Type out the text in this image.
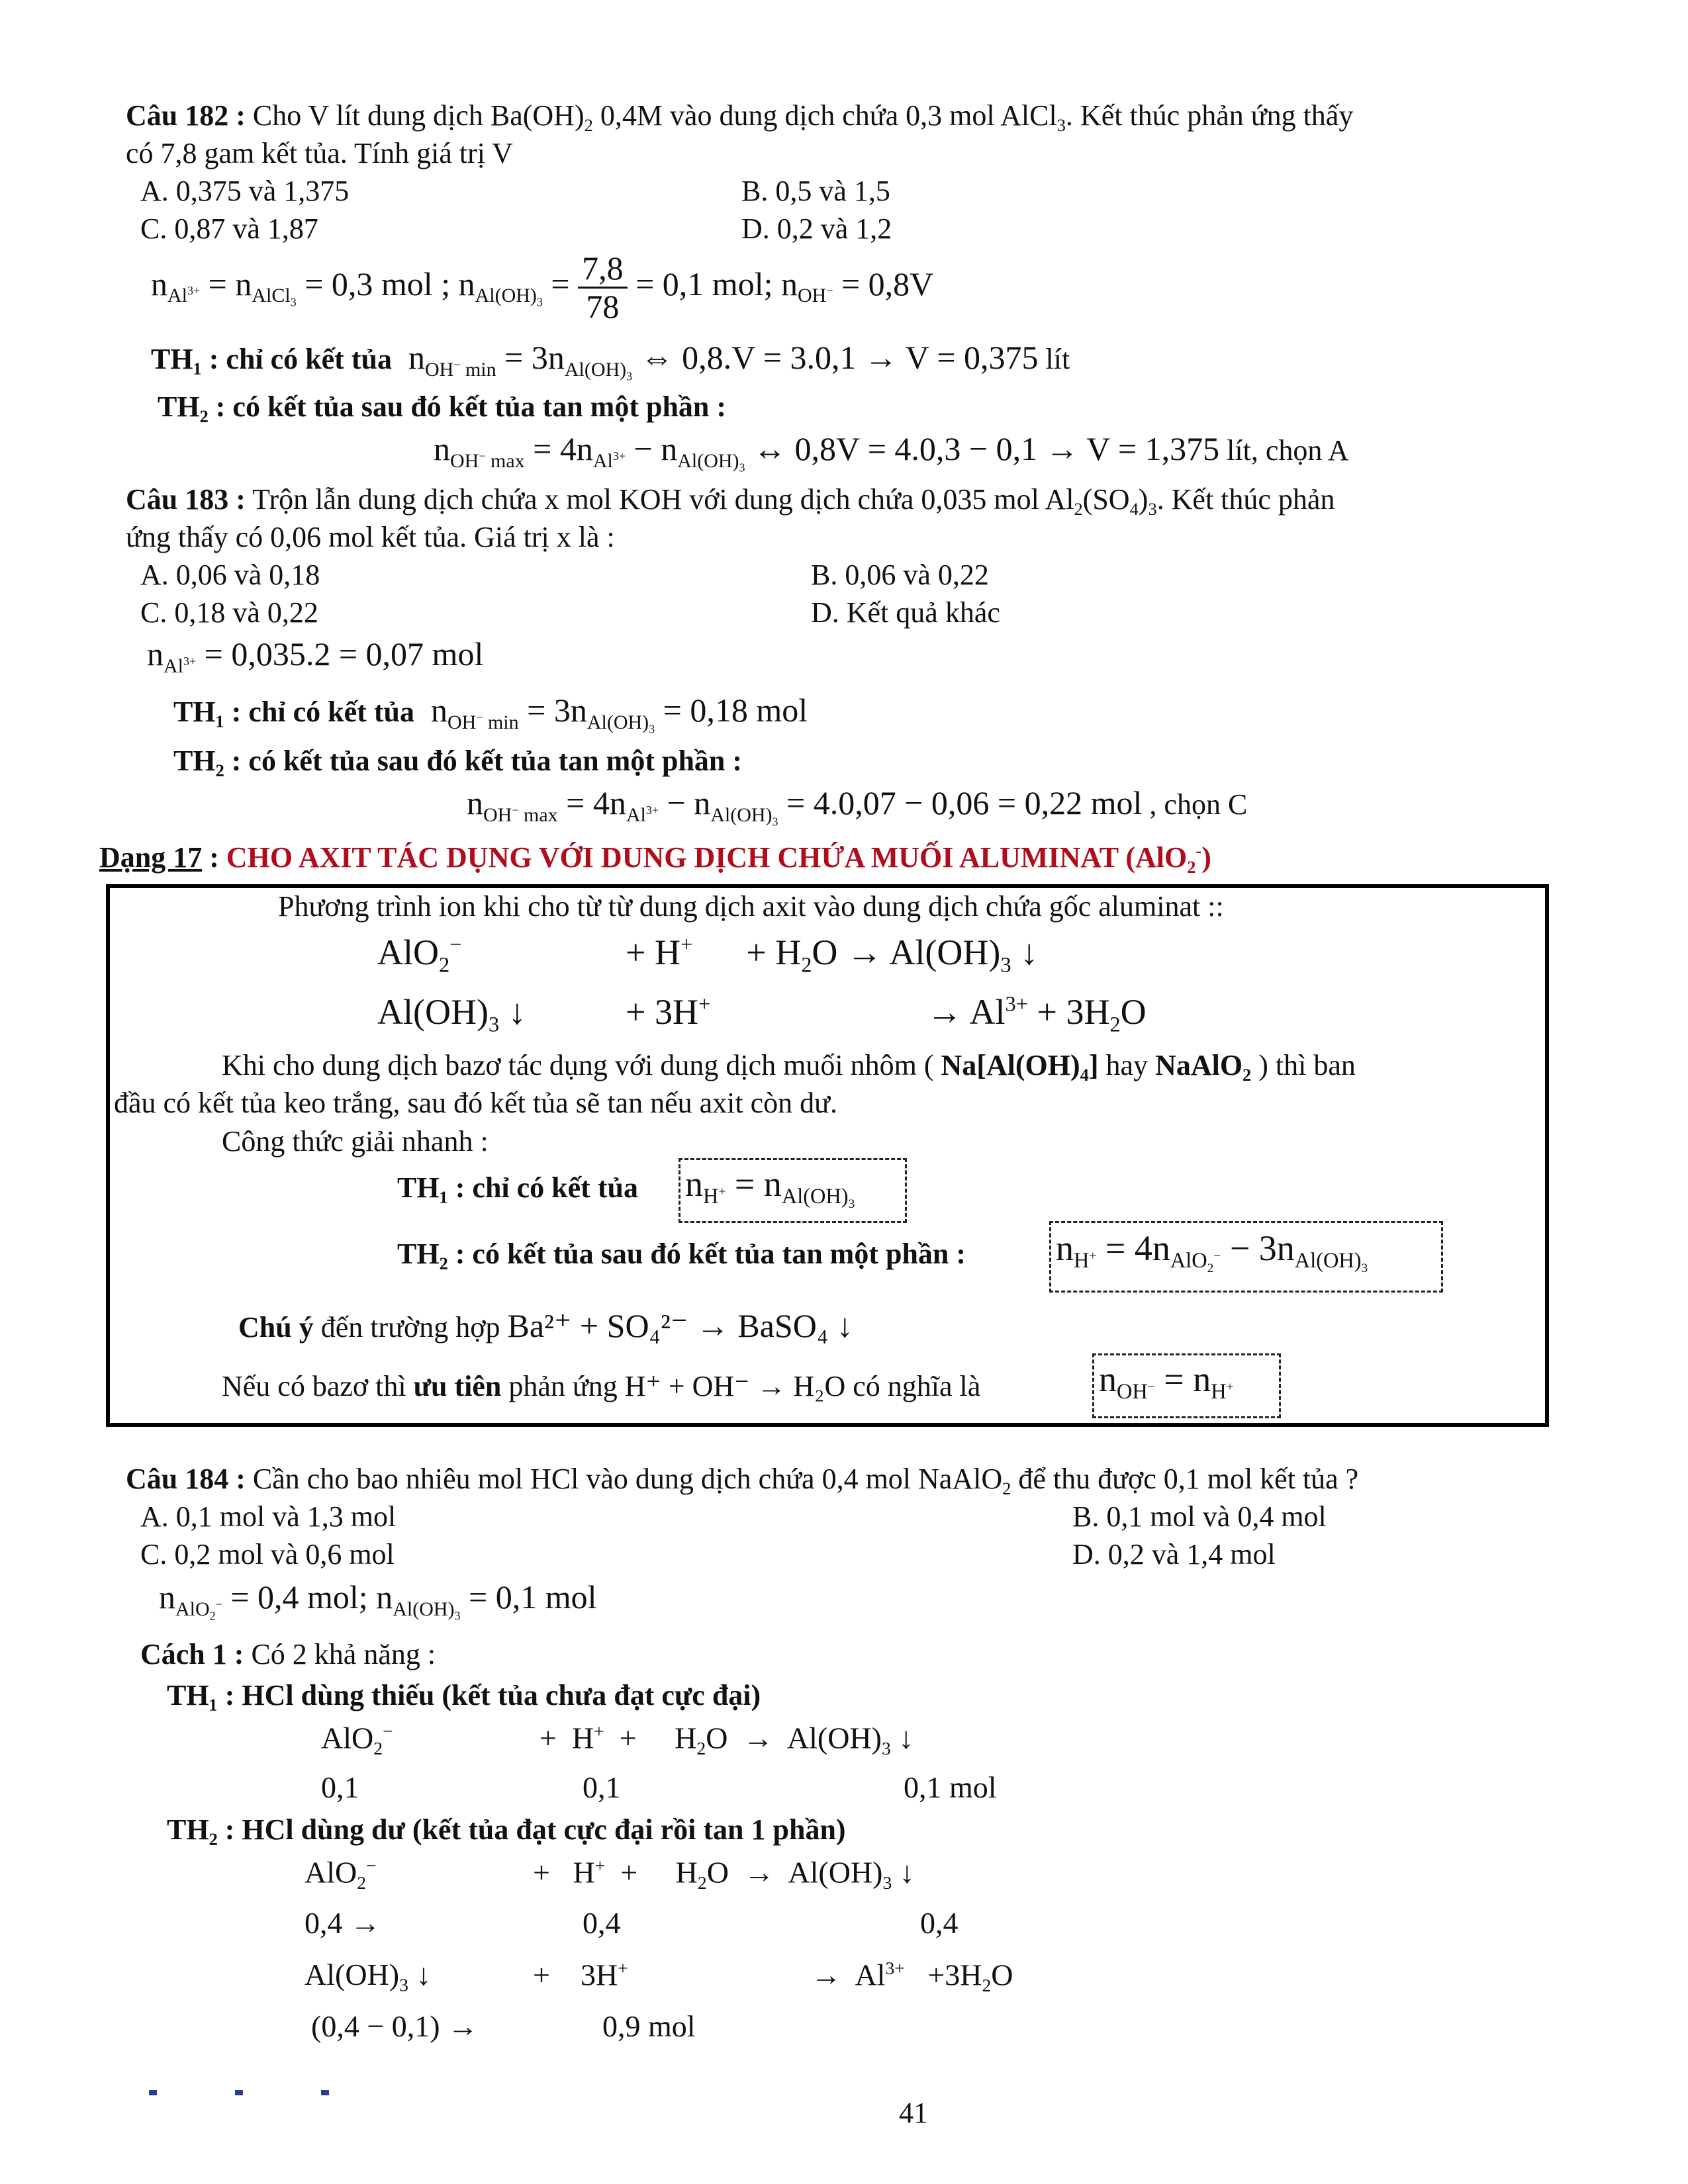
Câu 182 : Cho V lít dung dịch $Ba(OH)_2$ 0,4M vào dung dịch chứa 0,3 mol AlCl$_3$. Kết thúc phản ứng thấy
có 7,8 gam kết tủa. Tính giá trị V
A. 0,375 và 1,375	B. 0,5 và 1,5
C. 0,87 và 1,87	D. 0,2 và 1,2
$n_{Al^{3+}} = n_{AlCl_3} = 0,3$ mol ; $n_{Al(OH)_3} = \frac{7,8}{78} = 0,1$ mol; $n_{OH^-} = 0,8V$
TH₁ : chỉ có kết tủa  $n_{OH^- min} = 3n_{Al(OH)_3}$ ⇔ 0,8.V = 3.0,1 → V = 0,375 lít
TH₂ : có kết tủa sau đó kết tủa tan một phần :
$n_{OH^- max} = 4n_{Al^{3+}} - n_{Al(OH)_3}$ ↔ 0,8V = 4.0,3 − 0,1 → V = 1,375 lít, chọn A
Câu 183 : Trộn lẫn dung dịch chứa x mol KOH với dung dịch chứa 0,035 mol $Al_2(SO_4)_3$. Kết thúc phản
ứng thấy có 0,06 mol kết tủa. Giá trị x là :
A. 0,06 và 0,18	B. 0,06 và 0,22
C. 0,18 và 0,22	D. Kết quả khác
$n_{Al^{3+}} = 0,035.2 = 0,07$ mol
TH₁ : chỉ có kết tủa  $n_{OH^- min} = 3n_{Al(OH)_3} = 0,18$ mol
TH₂ : có kết tủa sau đó kết tủa tan một phần :
$n_{OH^- max} = 4n_{Al^{3+}} - n_{Al(OH)_3} = 4.0,07 - 0,06 = 0,22$ mol , chọn C
Dạng 17 : CHO AXIT TÁC DỤNG VỚI DUNG DỊCH CHỨA MUỐI ALUMINAT (AlO$_2$-)
Phương trình ion khi cho từ từ dung dịch axit vào dung dịch chứa gốc aluminat ::
AlO$_2$−	+ $H^+ + H_2O \to Al(OH)_3$ ↓
$Al(OH)_3$ ↓	+ 3H+	→ $Al^{3+} + 3H_2O$
Khi cho dung dịch bazơ tác dụng với dung dịch muối nhôm ( $Na[Al(OH)_4]$ hay NaAlO$_2$ ) thì ban
đầu có kết tủa keo trắng, sau đó kết tủa sẽ tan nếu axit còn dư.
Công thức giải nhanh :
TH₁ : chỉ có kết tủa $n_{H^+} = n_{Al(OH)_3}$
TH₂ : có kết tủa sau đó kết tủa tan một phần :	$n_{H^+} = 4n_{AlO_2^-} - 3n_{Al(OH)_3}$
Chú ý đến trường hợp Ba²⁺ + SO₄²⁻ → BaSO₄ ↓
Nếu có bazơ thì ưu tiên phản ứng H⁺ + OH⁻ → H₂O có nghĩa là	$n_{OH^-} = n_{H^+}$
Câu 184 : Cần cho bao nhiêu mol HCl vào dung dịch chứa 0,4 mol NaAlO$_2$ để thu được 0,1 mol kết tủa ?
A. 0,1 mol và 1,3 mol	B. 0,1 mol và 0,4 mol
C. 0,2 mol và 0,6 mol	D. 0,2 và 1,4 mol
$n_{AlO_2^-} = 0,4$ mol; $n_{Al(OH)_3} = 0,1$ mol
Cách 1 : Có 2 khả năng :
TH₁ : HCl dùng thiếu (kết tủa chưa đạt cực đại)
AlO$_2$−	+  H+  +     $H_2O \to Al(OH)_3$ ↓
0,1	0,1	0,1 mol
TH₂ : HCl dùng dư (kết tủa đạt cực đại rồi tan 1 phần)
AlO$_2$−	+   H+  +     $H_2O \to Al(OH)_3$ ↓
0,4 →	0,4	0,4
$Al(OH)_3$ ↓	+    3H+	→  $Al^{3+} +3H_2O$
(0,4 − 0,1) →	0,9 mol
41
